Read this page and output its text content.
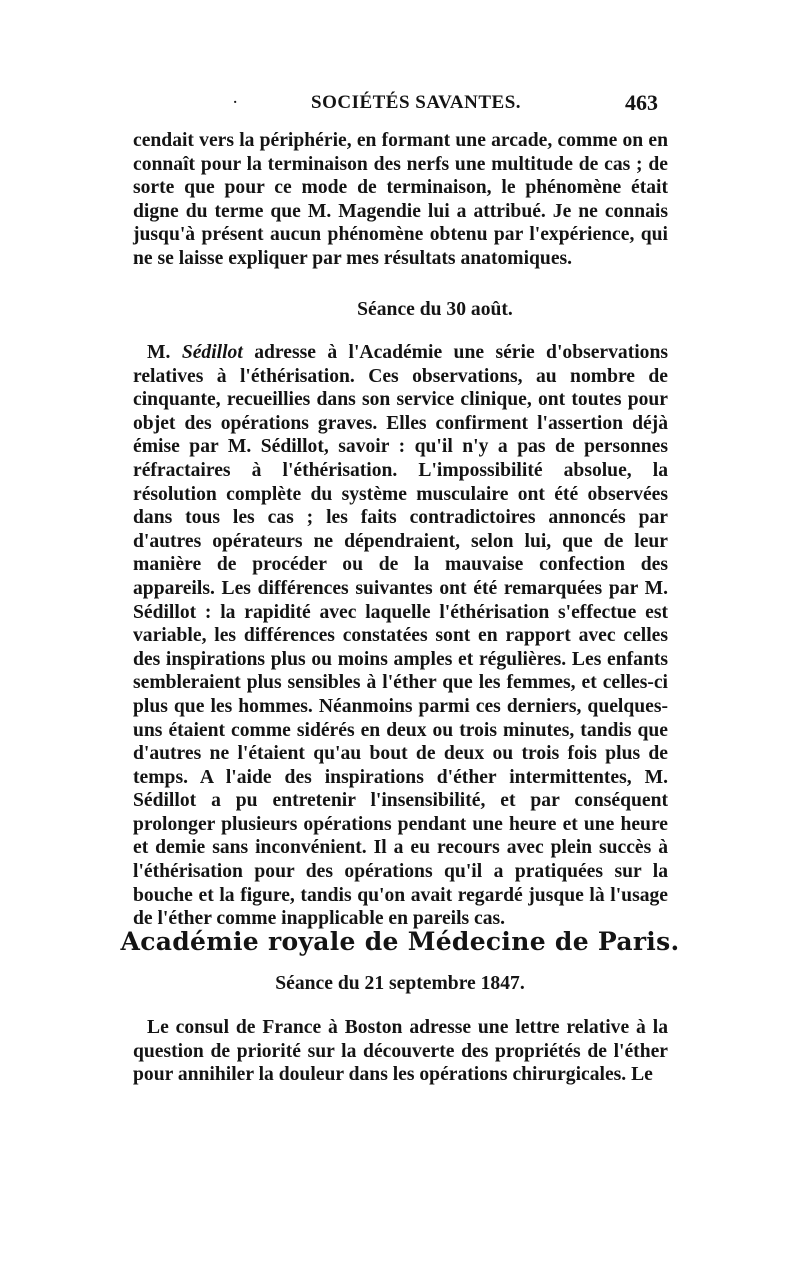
·	SOCIÉTÉS SAVANTES.	463

cendait vers la périphérie, en formant une arcade, comme on en connaît pour la terminaison des nerfs une multitude de cas ; de sorte que pour ce mode de terminaison, le phénomène était digne du terme que M. Magendie lui a attribué. Je ne connais jusqu'à présent aucun phénomène obtenu par l'expérience, qui ne se laisse expliquer par mes résultats anatomiques.

Séance du 30 août.

M. Sédillot adresse à l'Académie une série d'observations relatives à l'éthérisation. Ces observations, au nombre de cinquante, recueillies dans son service clinique, ont toutes pour objet des opérations graves. Elles confirment l'assertion déjà émise par M. Sédillot, savoir : qu'il n'y a pas de personnes réfractaires à l'éthérisation. L'impossibilité absolue, la résolution complète du système musculaire ont été observées dans tous les cas ; les faits contradictoires annoncés par d'autres opérateurs ne dépendraient, selon lui, que de leur manière de procéder ou de la mauvaise confection des appareils. Les différences suivantes ont été remarquées par M. Sédillot : la rapidité avec laquelle l'éthérisation s'effectue est variable, les différences constatées sont en rapport avec celles des inspirations plus ou moins amples et régulières. Les enfants sembleraient plus sensibles à l'éther que les femmes, et celles-ci plus que les hommes. Néanmoins parmi ces derniers, quelques-uns étaient comme sidérés en deux ou trois minutes, tandis que d'autres ne l'étaient qu'au bout de deux ou trois fois plus de temps. A l'aide des inspirations d'éther intermittentes, M. Sédillot a pu entretenir l'insensibilité, et par conséquent prolonger plusieurs opérations pendant une heure et une heure et demie sans inconvénient. Il a eu recours avec plein succès à l'éthérisation pour des opérations qu'il a pratiquées sur la bouche et la figure, tandis qu'on avait regardé jusque là l'usage de l'éther comme inapplicable en pareils cas.

Académie royale de Médecine de Paris.
Séance du 21 septembre 1847.

Le consul de France à Boston adresse une lettre relative à la question de priorité sur la découverte des propriétés de l'éther pour annihiler la douleur dans les opérations chirurgicales. Le
